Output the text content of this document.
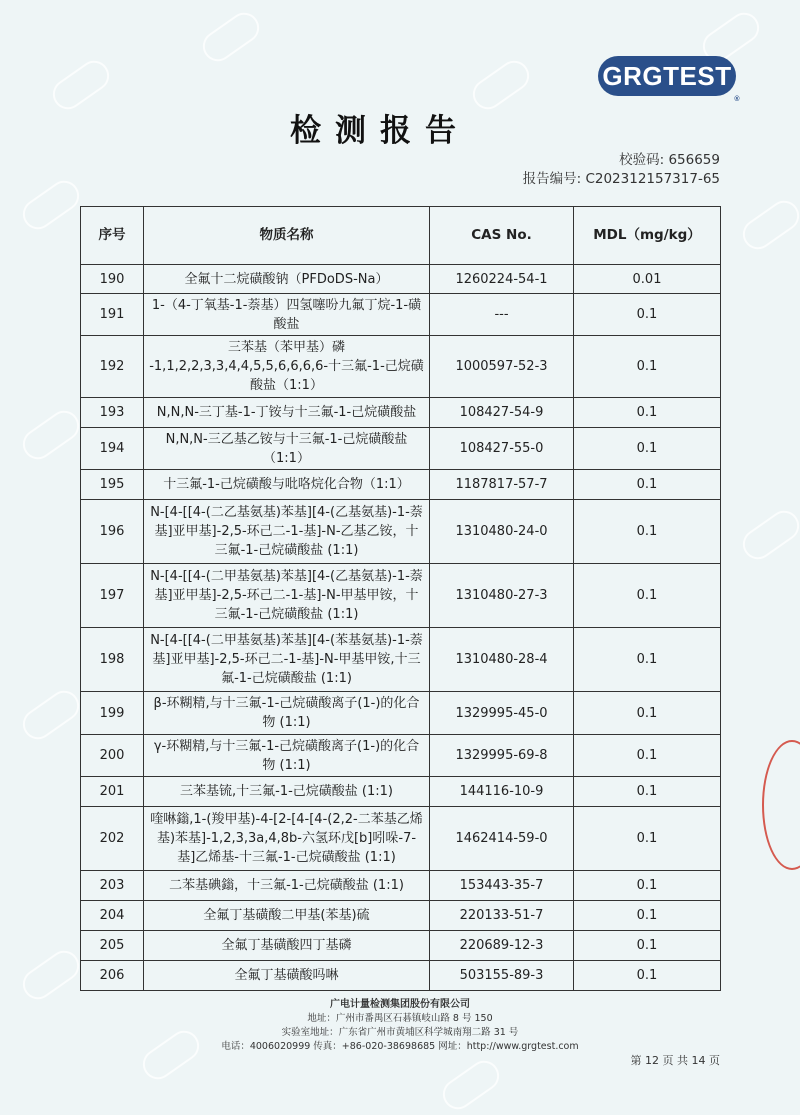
GRGTEST
®
检测报告
校验码: 656659
报告编号: C202312157317-65
序号	物质名称	CAS No.	MDL（mg/kg）
190	全氟十二烷磺酸钠（PFDoDS-Na）	1260224-54-1	0.01
191	1-（4-丁氧基-1-萘基）四氢噻吩九氟丁烷-1-磺酸盐	---	0.1
192	三苯基（苯甲基）磷 -1,1,2,2,3,3,4,4,5,5,6,6,6,6-十三氟-1-己烷磺酸盐（1:1）	1000597-52-3	0.1
193	N,N,N-三丁基-1-丁铵与十三氟-1-己烷磺酸盐	108427-54-9	0.1
194	N,N,N-三乙基乙铵与十三氟-1-己烷磺酸盐（1:1）	108427-55-0	0.1
195	十三氟-1-己烷磺酸与吡咯烷化合物（1:1）	1187817-57-7	0.1
196	N-[4-[[4-(二乙基氨基)苯基][4-(乙基氨基)-1-萘基]亚甲基]-2,5-环己二-1-基]-N-乙基乙铵，十三氟-1-己烷磺酸盐 (1:1)	1310480-24-0	0.1
197	N-[4-[[4-(二甲基氨基)苯基][4-(乙基氨基)-1-萘基]亚甲基]-2,5-环己二-1-基]-N-甲基甲铵，十三氟-1-己烷磺酸盐 (1:1)	1310480-27-3	0.1
198	N-[4-[[4-(二甲基氨基)苯基][4-(苯基氨基)-1-萘基]亚甲基]-2,5-环己二-1-基]-N-甲基甲铵,十三氟-1-己烷磺酸盐 (1:1)	1310480-28-4	0.1
199	β-环糊精,与十三氟-1-己烷磺酸离子(1-)的化合物 (1:1)	1329995-45-0	0.1
200	γ-环糊精,与十三氟-1-己烷磺酸离子(1-)的化合物 (1:1)	1329995-69-8	0.1
201	三苯基锍,十三氟-1-己烷磺酸盐 (1:1)	144116-10-9	0.1
202	喹啉鎓,1-(羧甲基)-4-[2-[4-[4-(2,2-二苯基乙烯基)苯基]-1,2,3,3a,4,8b-六氢环戊[b]吲哚-7-基]乙烯基-十三氟-1-己烷磺酸盐 (1:1)	1462414-59-0	0.1
203	二苯基碘鎓，十三氟-1-己烷磺酸盐 (1:1)	153443-35-7	0.1
204	全氟丁基磺酸二甲基(苯基)硫	220133-51-7	0.1
205	全氟丁基磺酸四丁基磷	220689-12-3	0.1
206	全氟丁基磺酸吗啉	503155-89-3	0.1
广电计量检测集团股份有限公司
地址：广州市番禺区石碁镇岐山路 8 号 150
实验室地址：广东省广州市黄埔区科学城南翔二路 31 号
电话：4006020999 传真：+86-020-38698685 网址：http://www.grgtest.com
第 12 页 共 14 页
